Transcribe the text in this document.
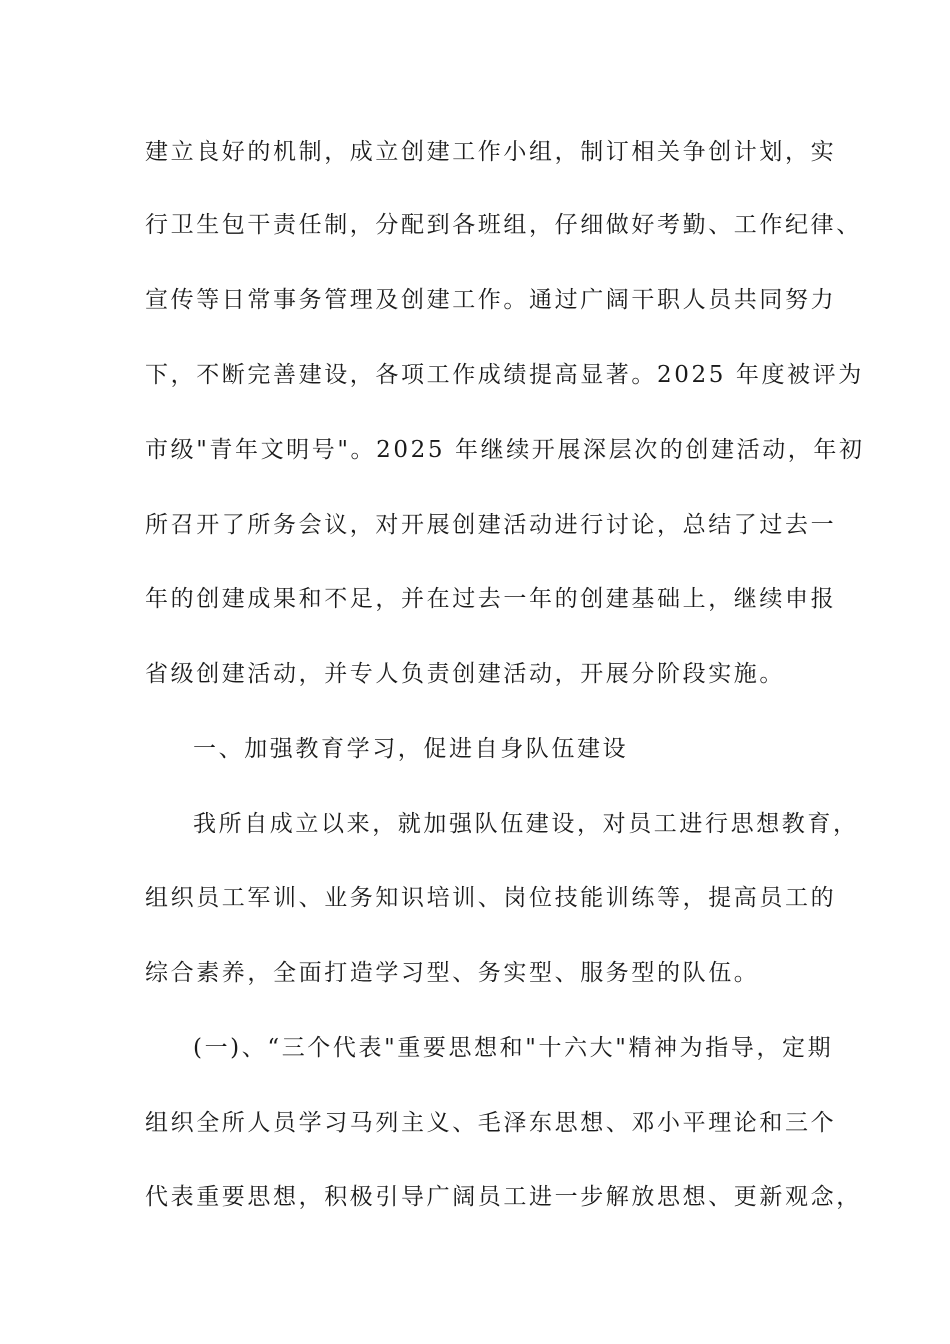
建立良好的机制，成立创建工作小组，制订相关争创计划，实
行卫生包干责任制，分配到各班组，仔细做好考勤、工作纪律、
宣传等日常事务管理及创建工作。通过广阔干职人员共同努力
下，不断完善建设，各项工作成绩提高显著。2025 年度被评为
市级"青年文明号"。2025 年继续开展深层次的创建活动，年初
所召开了所务会议，对开展创建活动进行讨论，总结了过去一
年的创建成果和不足，并在过去一年的创建基础上，继续申报
省级创建活动，并专人负责创建活动，开展分阶段实施。
一、加强教育学习，促进自身队伍建设
我所自成立以来，就加强队伍建设，对员工进行思想教育，
组织员工军训、业务知识培训、岗位技能训练等，提高员工的
综合素养，全面打造学习型、务实型、服务型的队伍。
(一)、“三个代表"重要思想和"十六大"精神为指导，定期
组织全所人员学习马列主义、毛泽东思想、邓小平理论和三个
代表重要思想，积极引导广阔员工进一步解放思想、更新观念，
